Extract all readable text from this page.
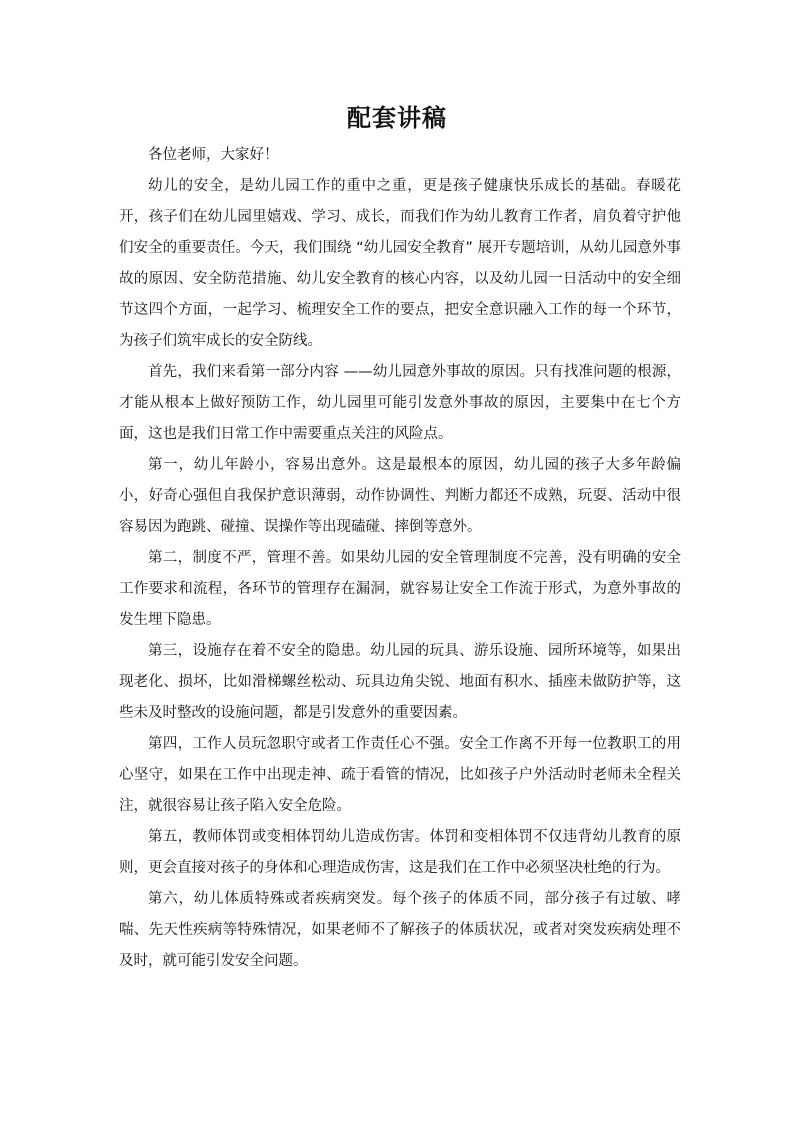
配套讲稿

各位老师，大家好！

幼儿的安全，是幼儿园工作的重中之重，更是孩子健康快乐成长的基础。春暖花开，孩子们在幼儿园里嬉戏、学习、成长，而我们作为幼儿教育工作者，肩负着守护他们安全的重要责任。今天，我们围绕 “幼儿园安全教育” 展开专题培训，从幼儿园意外事故的原因、安全防范措施、幼儿安全教育的核心内容，以及幼儿园一日活动中的安全细节这四个方面，一起学习、梳理安全工作的要点，把安全意识融入工作的每一个环节，为孩子们筑牢成长的安全防线。

首先，我们来看第一部分内容 ——幼儿园意外事故的原因。只有找准问题的根源，才能从根本上做好预防工作，幼儿园里可能引发意外事故的原因，主要集中在七个方面，这也是我们日常工作中需要重点关注的风险点。

第一，幼儿年龄小，容易出意外。这是最根本的原因，幼儿园的孩子大多年龄偏小，好奇心强但自我保护意识薄弱，动作协调性、判断力都还不成熟，玩耍、活动中很容易因为跑跳、碰撞、误操作等出现磕碰、摔倒等意外。

第二，制度不严，管理不善。如果幼儿园的安全管理制度不完善，没有明确的安全工作要求和流程，各环节的管理存在漏洞，就容易让安全工作流于形式，为意外事故的发生埋下隐患。

第三，设施存在着不安全的隐患。幼儿园的玩具、游乐设施、园所环境等，如果出现老化、损坏，比如滑梯螺丝松动、玩具边角尖锐、地面有积水、插座未做防护等，这些未及时整改的设施问题，都是引发意外的重要因素。

第四，工作人员玩忽职守或者工作责任心不强。安全工作离不开每一位教职工的用心坚守，如果在工作中出现走神、疏于看管的情况，比如孩子户外活动时老师未全程关注，就很容易让孩子陷入安全危险。

第五，教师体罚或变相体罚幼儿造成伤害。体罚和变相体罚不仅违背幼儿教育的原则，更会直接对孩子的身体和心理造成伤害，这是我们在工作中必须坚决杜绝的行为。

第六，幼儿体质特殊或者疾病突发。每个孩子的体质不同，部分孩子有过敏、哮喘、先天性疾病等特殊情况，如果老师不了解孩子的体质状况，或者对突发疾病处理不及时，就可能引发安全问题。
